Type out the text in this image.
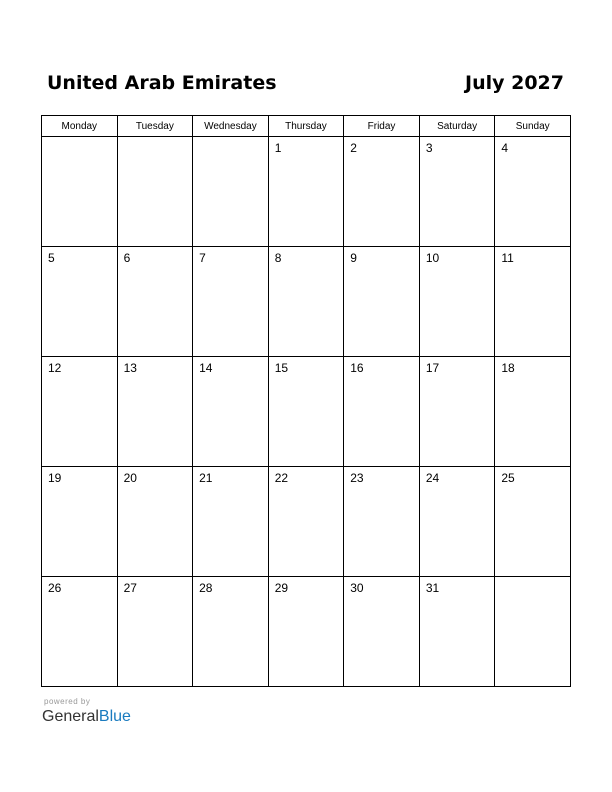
United Arab Emirates	July 2027
Monday	Tuesday	Wednesday	Thursday	Friday	Saturday	Sunday

			1	2	3	4

5	6	7	8	9	10	11

12	13	14	15	16	17	18

19	20	21	22	23	24	25

26	27	28	29	30	31	

powered by
GeneralBlue
